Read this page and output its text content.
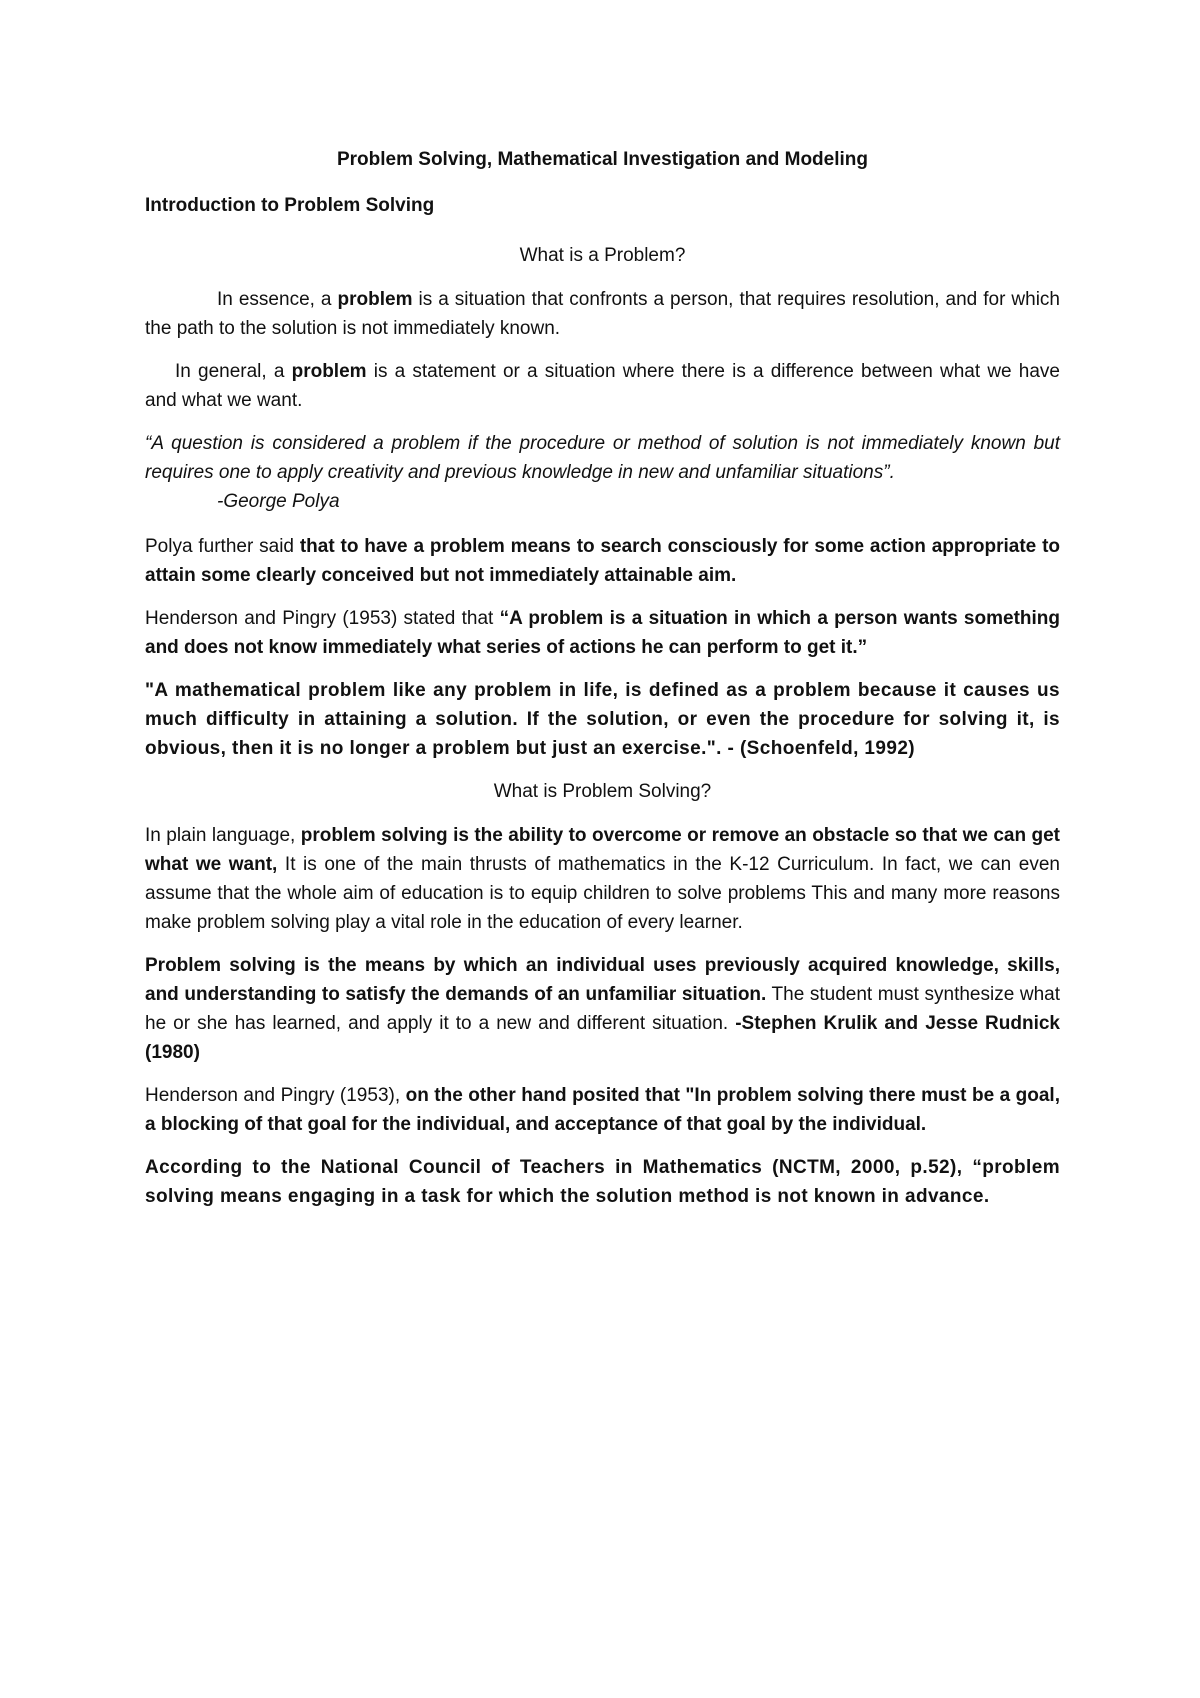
Problem Solving, Mathematical Investigation and Modeling
Introduction to Problem Solving
What is a Problem?

In essence, a problem is a situation that confronts a person, that requires resolution, and for which the path to the solution is not immediately known.

In general, a problem is a statement or a situation where there is a difference between what we have and what we want.

“A question is considered a problem if the procedure or method of solution is not immediately known but requires one to apply creativity and previous knowledge in new and unfamiliar situations”.

-George Polya

Polya further said that to have a problem means to search consciously for some action appropriate to attain some clearly conceived but not immediately attainable aim.

Henderson and Pingry (1953) stated that “A problem is a situation in which a person wants something and does not know immediately what series of actions he can perform to get it.”

"A mathematical problem like any problem in life, is defined as a problem because it causes us much difficulty in attaining a solution. If the solution, or even the procedure for solving it, is obvious, then it is no longer a problem but just an exercise.". - (Schoenfeld, 1992)

What is Problem Solving?

In plain language, problem solving is the ability to overcome or remove an obstacle so that we can get what we want, It is one of the main thrusts of mathematics in the K-12 Curriculum. In fact, we can even assume that the whole aim of education is to equip children to solve problems This and many more reasons make problem solving play a vital role in the education of every learner.

Problem solving is the means by which an individual uses previously acquired knowledge, skills, and understanding to satisfy the demands of an unfamiliar situation. The student must synthesize what he or she has learned, and apply it to a new and different situation. -Stephen Krulik and Jesse Rudnick (1980)

Henderson and Pingry (1953), on the other hand posited that "In problem solving there must be a goal, a blocking of that goal for the individual, and acceptance of that goal by the individual.

According to the National Council of Teachers in Mathematics (NCTM, 2000, p.52), “problem solving means engaging in a task for which the solution method is not known in advance.
